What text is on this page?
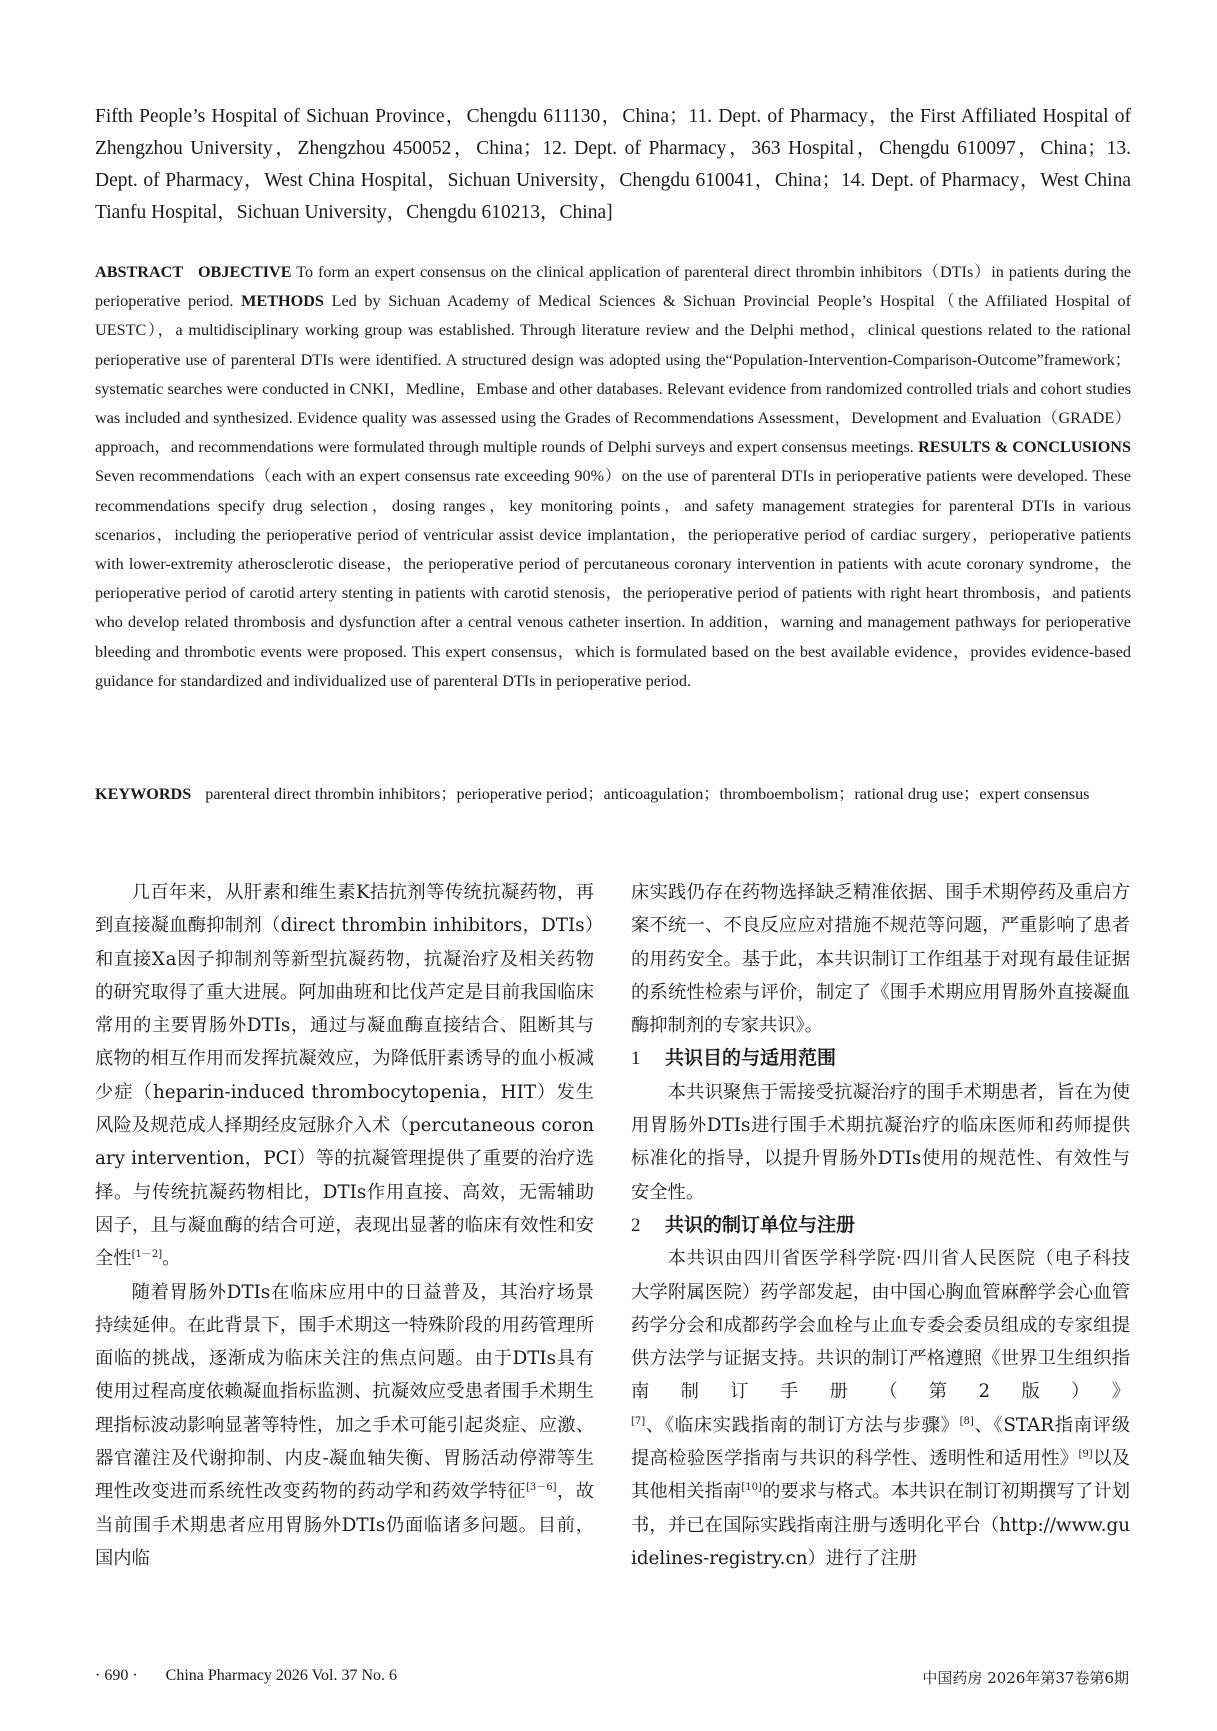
Fifth People’s Hospital of Sichuan Province，Chengdu 611130，China；11. Dept. of Pharmacy，the First Affiliated Hospital of Zhengzhou University，Zhengzhou 450052，China；12. Dept. of Pharmacy，363 Hospital，Chengdu 610097，China；13. Dept. of Pharmacy，West China Hospital，Sichuan University，Chengdu 610041，China；14. Dept. of Pharmacy，West China Tianfu Hospital，Sichuan University，Chengdu 610213，China]
ABSTRACT OBJECTIVE To form an expert consensus on the clinical application of parenteral direct thrombin inhibitors（DTIs）in patients during the perioperative period. METHODS Led by Sichuan Academy of Medical Sciences & Sichuan Provincial People’s Hospital（the Affiliated Hospital of UESTC），a multidisciplinary working group was established. Through literature review and the Delphi method，clinical questions related to the rational perioperative use of parenteral DTIs were identified. A structured design was adopted using the“Population-Intervention-Comparison-Outcome”framework；systematic searches were conducted in CNKI，Medline，Embase and other databases. Relevant evidence from randomized controlled trials and cohort studies was included and synthesized. Evidence quality was assessed using the Grades of Recommendations Assessment，Development and Evaluation（GRADE）approach，and recommendations were formulated through multiple rounds of Delphi surveys and expert consensus meetings. RESULTS & CONCLUSIONS Seven recommendations（each with an expert consensus rate exceeding 90%）on the use of parenteral DTIs in perioperative patients were developed. These recommendations specify drug selection，dosing ranges，key monitoring points，and safety management strategies for parenteral DTIs in various scenarios，including the perioperative period of ventricular assist device implantation，the perioperative period of cardiac surgery，perioperative patients with lower-extremity atherosclerotic disease，the perioperative period of percutaneous coronary intervention in patients with acute coronary syndrome，the perioperative period of carotid artery stenting in patients with carotid stenosis，the perioperative period of patients with right heart thrombosis，and patients who develop related thrombosis and dysfunction after a central venous catheter insertion. In addition，warning and management pathways for perioperative bleeding and thrombotic events were proposed. This expert consensus，which is formulated based on the best available evidence，provides evidence-based guidance for standardized and individualized use of parenteral DTIs in perioperative period.
KEYWORDS parenteral direct thrombin inhibitors；perioperative period；anticoagulation；thromboembolism；rational drug use；expert consensus

几百年来，从肝素和维生素K拮抗剂等传统抗凝药物，再到直接凝血酶抑制剂（direct thrombin inhibitors，DTIs）和直接Ⅹa因子抑制剂等新型抗凝药物，抗凝治疗及相关药物的研究取得了重大进展。阿加曲班和比伐芦定是目前我国临床常用的主要胃肠外DTIs，通过与凝血酶直接结合、阻断其与底物的相互作用而发挥抗凝效应，为降低肝素诱导的血小板减少症（heparin-induced thrombocytopenia，HIT）发生风险及规范成人择期经皮冠脉介入术（percutaneous coronary intervention，PCI）等的抗凝管理提供了重要的治疗选择。与传统抗凝药物相比，DTIs作用直接、高效，无需辅助因子，且与凝血酶的结合可逆，表现出显著的临床有效性和安全性[1－2]。

随着胃肠外DTIs在临床应用中的日益普及，其治疗场景持续延伸。在此背景下，围手术期这一特殊阶段的用药管理所面临的挑战，逐渐成为临床关注的焦点问题。由于DTIs具有使用过程高度依赖凝血指标监测、抗凝效应受患者围手术期生理指标波动影响显著等特性，加之手术可能引起炎症、应激、器官灌注及代谢抑制、内皮-凝血轴失衡、胃肠活动停滞等生理性改变进而系统性改变药物的药动学和药效学特征[3－6]，故当前围手术期患者应用胃肠外DTIs仍面临诸多问题。目前，国内临

床实践仍存在药物选择缺乏精准依据、围手术期停药及重启方案不统一、不良反应应对措施不规范等问题，严重影响了患者的用药安全。基于此，本共识制订工作组基于对现有最佳证据的系统性检索与评价，制定了《围手术期应用胃肠外直接凝血酶抑制剂的专家共识》。

1 共识目的与适用范围

本共识聚焦于需接受抗凝治疗的围手术期患者，旨在为使用胃肠外DTIs进行围手术期抗凝治疗的临床医师和药师提供标准化的指导，以提升胃肠外DTIs使用的规范性、有效性与安全性。

2 共识的制订单位与注册

本共识由四川省医学科学院·四川省人民医院（电子科技大学附属医院）药学部发起，由中国心胸血管麻醉学会心血管药学分会和成都药学会血栓与止血专委会委员组成的专家组提供方法学与证据支持。共识的制订严格遵照《世界卫生组织指南制订手册（第2版）》[7]、《临床实践指南的制订方法与步骤》[8]、《STAR指南评级提高检验医学指南与共识的科学性、透明性和适用性》[9]以及其他相关指南[10]的要求与格式。本共识在制订初期撰写了计划书，并已在国际实践指南注册与透明化平台（http://www.guidelines-registry.cn）进行了注册

· 690 · China Pharmacy 2026 Vol. 37 No. 6	中国药房 2026年第37卷第6期
